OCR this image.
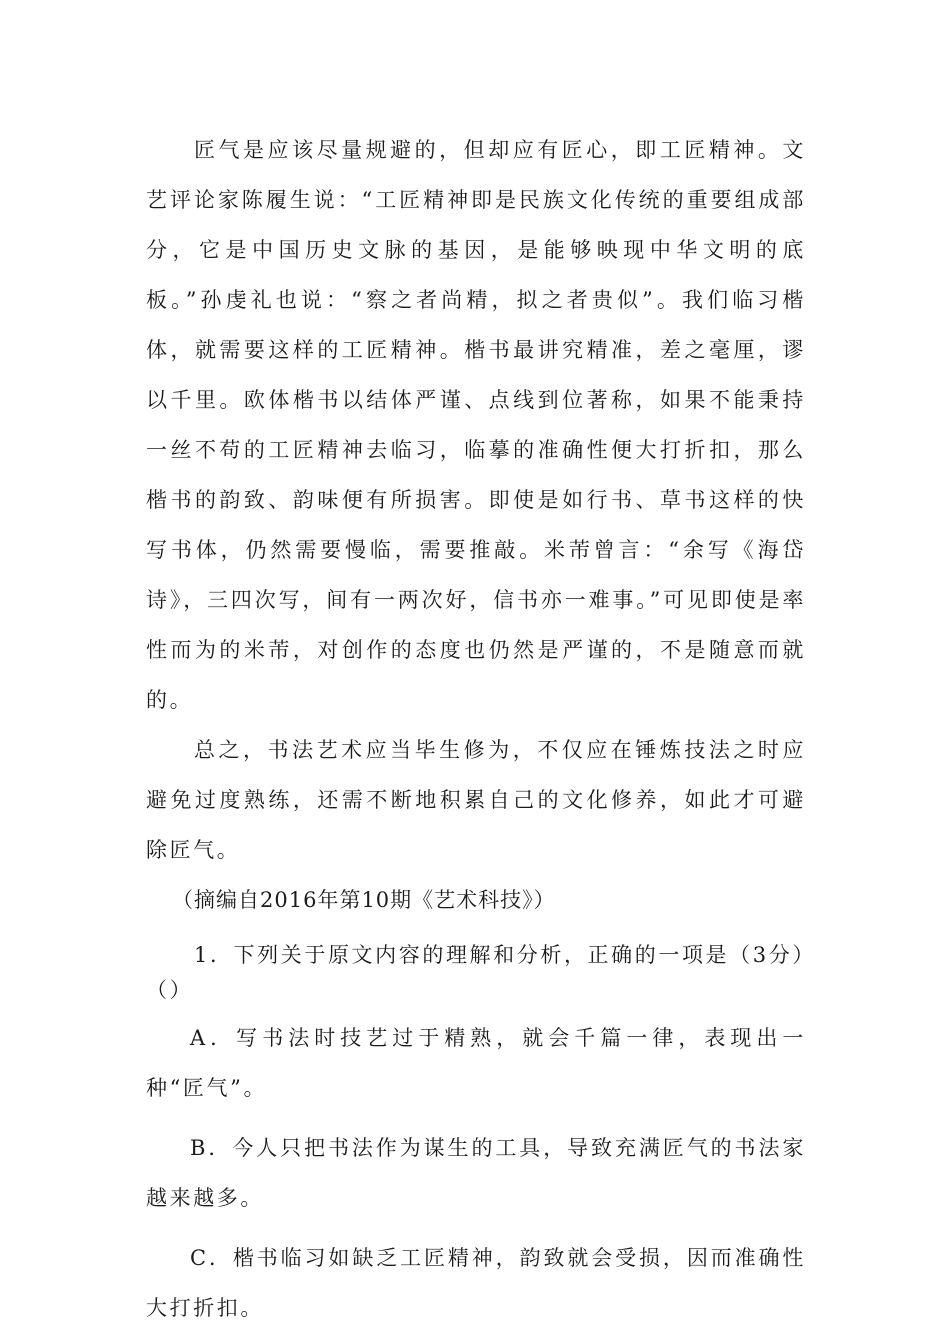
匠气是应该尽量规避的，但却应有匠心，即工匠精神。文艺评论家陈履生说：“工匠精神即是民族文化传统的重要组成部分，它是中国历史文脉的基因，是能够映现中华文明的底板。”孙虔礼也说：“察之者尚精，拟之者贵似”。我们临习楷体，就需要这样的工匠精神。楷书最讲究精准，差之毫厘，谬以千里。欧体楷书以结体严谨、点线到位著称，如果不能秉持一丝不苟的工匠精神去临习，临摹的准确性便大打折扣，那么楷书的韵致、韵味便有所损害。即使是如行书、草书这样的快写书体，仍然需要慢临，需要推敲。米芾曾言：“余写《海岱诗》，三四次写，间有一两次好，信书亦一难事。”可见即使是率性而为的米芾，对创作的态度也仍然是严谨的，不是随意而就的。

总之，书法艺术应当毕生修为，不仅应在锤炼技法之时应避免过度熟练，还需不断地积累自己的文化修养，如此才可避除匠气。

（摘编自2016年第10期《艺术科技》）

1．下列关于原文内容的理解和分析，正确的一项是（3分）

（）

A．写书法时技艺过于精熟，就会千篇一律，表现出一种“匠气”。

B．今人只把书法作为谋生的工具，导致充满匠气的书法家越来越多。

C．楷书临习如缺乏工匠精神，韵致就会受损，因而准确性大打折扣。
